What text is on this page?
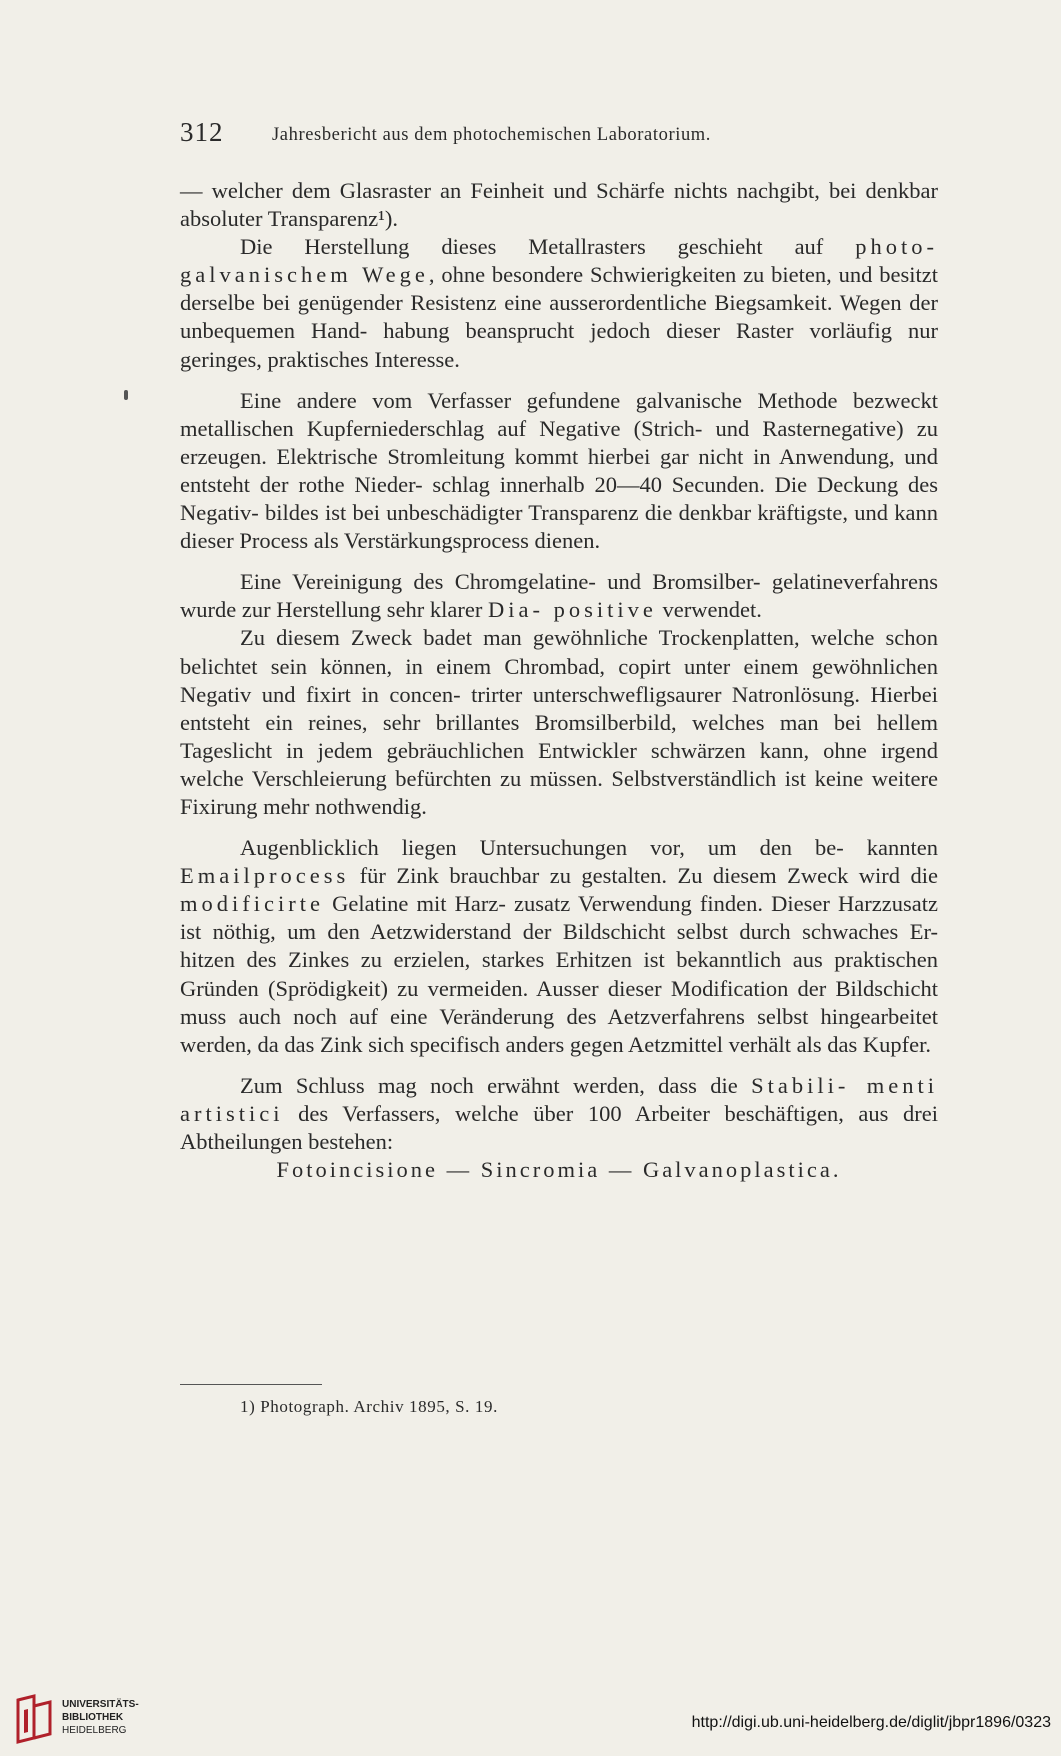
312	Jahresbericht aus dem photochemischen Laboratorium.

— welcher dem Glasraster an Feinheit und Schärfe nichts nachgibt, bei denkbar absoluter Transparenz¹).

Die Herstellung dieses Metallrasters geschieht auf photo- galvanischem Wege, ohne besondere Schwierigkeiten zu bieten, und besitzt derselbe bei genügender Resistenz eine ausserordentliche Biegsamkeit. Wegen der unbequemen Hand- habung beansprucht jedoch dieser Raster vorläufig nur geringes, praktisches Interesse.

Eine andere vom Verfasser gefundene galvanische Methode bezweckt metallischen Kupferniederschlag auf Negative (Strich- und Rasternegative) zu erzeugen. Elektrische Stromleitung kommt hierbei gar nicht in Anwendung, und entsteht der rothe Nieder- schlag innerhalb 20—40 Secunden. Die Deckung des Negativ- bildes ist bei unbeschädigter Transparenz die denkbar kräftigste, und kann dieser Process als Verstärkungsprocess dienen.

Eine Vereinigung des Chromgelatine- und Bromsilber- gelatineverfahrens wurde zur Herstellung sehr klarer Dia- positive verwendet.

Zu diesem Zweck badet man gewöhnliche Trockenplatten, welche schon belichtet sein können, in einem Chrombad, copirt unter einem gewöhnlichen Negativ und fixirt in concen- trirter unterschwefligsaurer Natronlösung. Hierbei entsteht ein reines, sehr brillantes Bromsilberbild, welches man bei hellem Tageslicht in jedem gebräuchlichen Entwickler schwärzen kann, ohne irgend welche Verschleierung befürchten zu müssen. Selbstverständlich ist keine weitere Fixirung mehr nothwendig.

Augenblicklich liegen Untersuchungen vor, um den be- kannten Emailprocess für Zink brauchbar zu gestalten. Zu diesem Zweck wird die modificirte Gelatine mit Harz- zusatz Verwendung finden. Dieser Harzzusatz ist nöthig, um den Aetzwiderstand der Bildschicht selbst durch schwaches Er- hitzen des Zinkes zu erzielen, starkes Erhitzen ist bekanntlich aus praktischen Gründen (Sprödigkeit) zu vermeiden. Ausser dieser Modification der Bildschicht muss auch noch auf eine Veränderung des Aetzverfahrens selbst hingearbeitet werden, da das Zink sich specifisch anders gegen Aetzmittel verhält als das Kupfer.

Zum Schluss mag noch erwähnt werden, dass die Stabili- menti artistici des Verfassers, welche über 100 Arbeiter beschäftigen, aus drei Abtheilungen bestehen:

Fotoincisione — Sincromia — Galvanoplastica.

1) Photograph. Archiv 1895, S. 19.
UNIVERSITÄTS-
BIBLIOTHEK
HEIDELBERG	http://digi.ub.uni-heidelberg.de/diglit/jbpr1896/0323
